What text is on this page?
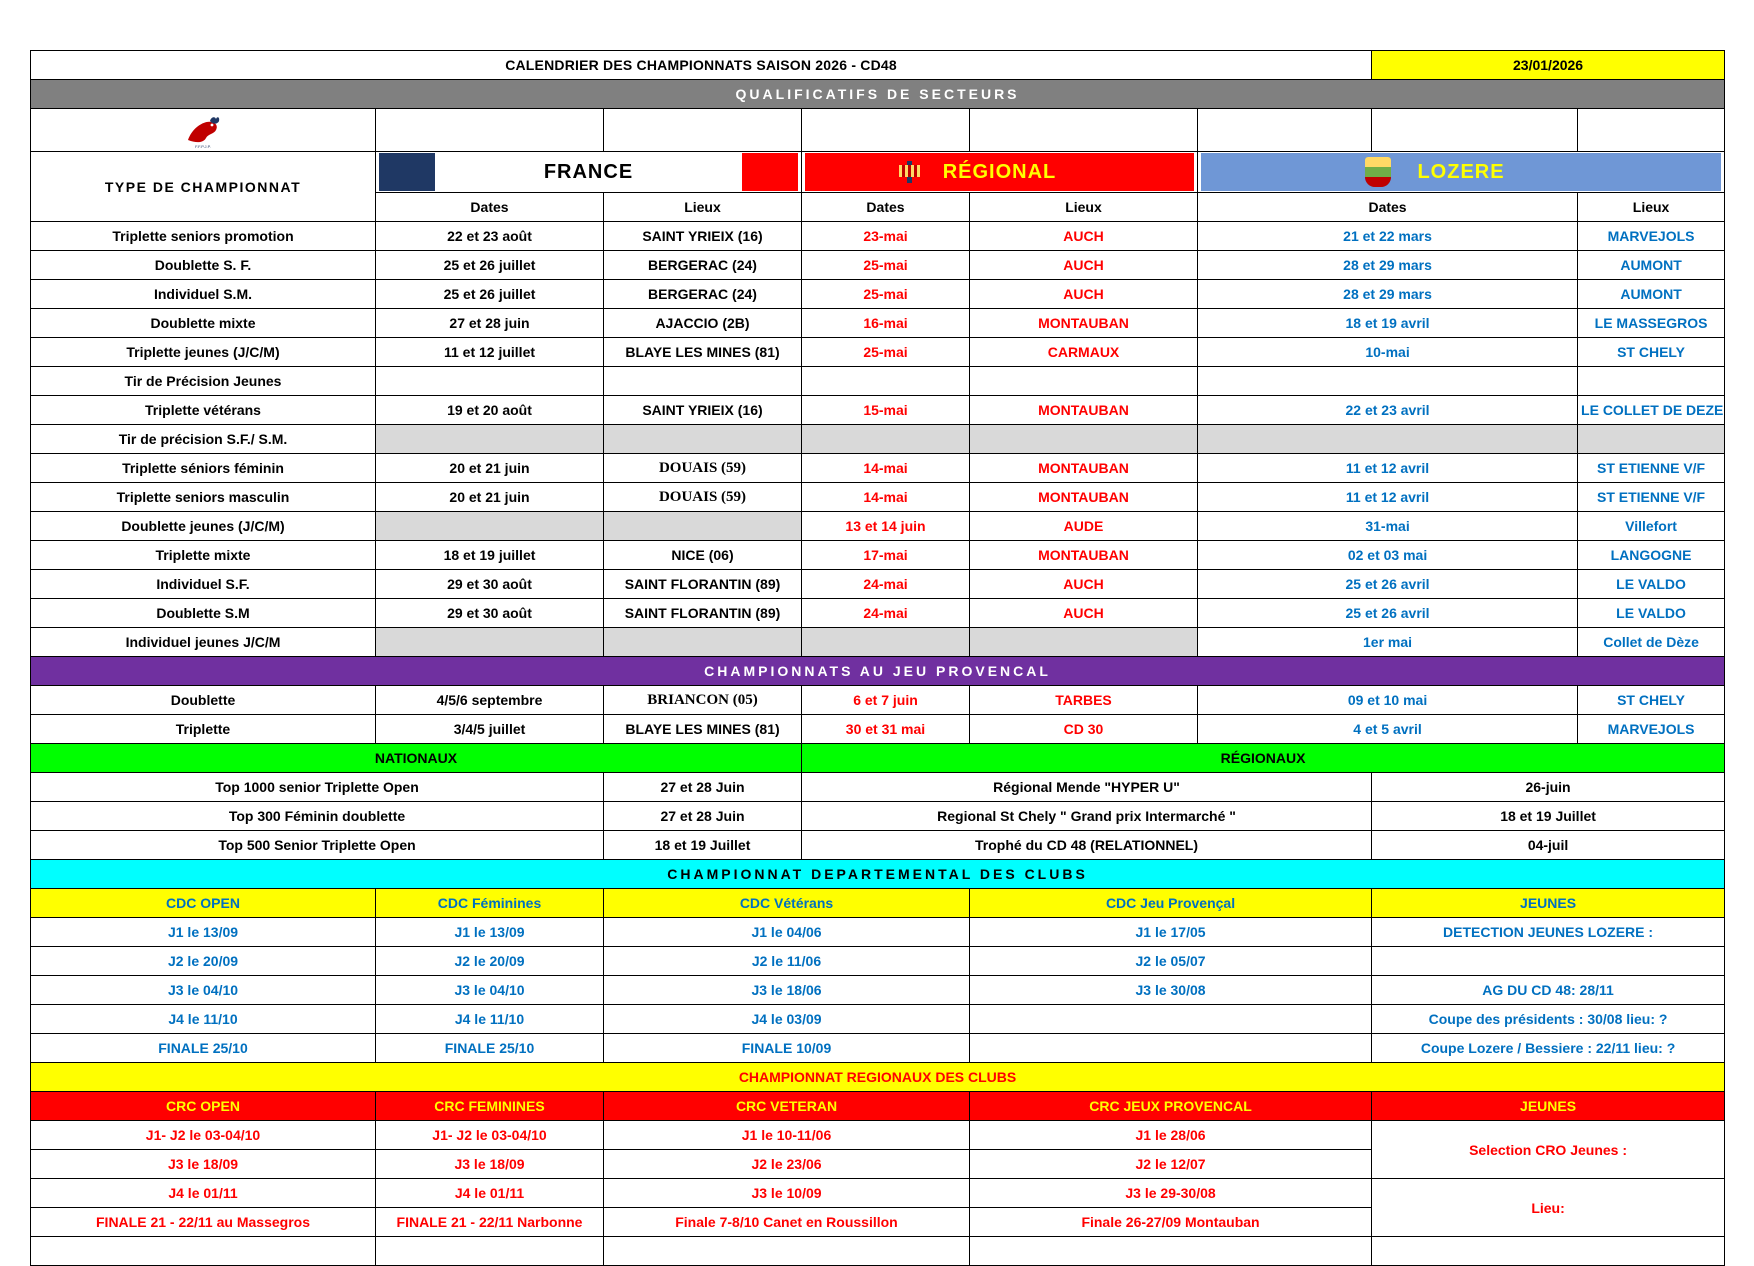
CALENDRIER DES CHAMPIONNATS SAISON 2026 - CD48						23/01/2026	
QUALIFICATIFS DE SECTEURS							

F.F.P.J.P.							

TYPE DE CHAMPIONNAT	FRANCE		RÉGIONAL		LOZERE		

	Dates	Lieux	Dates	Lieux	Dates		Lieux
Triplette seniors promotion	22 et 23 août	SAINT YRIEIX (16)	23-mai	AUCH	21 et 22 mars		MARVEJOLS
Doublette S. F.	25 et 26 juillet	BERGERAC (24)	25-mai	AUCH	28 et 29 mars		AUMONT
Individuel S.M.	25 et 26 juillet	BERGERAC (24)	25-mai	AUCH	28 et 29 mars		AUMONT
Doublette mixte	27 et 28 juin	AJACCIO (2B)	16-mai	MONTAUBAN	18 et 19 avril		LE MASSEGROS
Triplette jeunes (J/C/M)	11 et 12 juillet	BLAYE LES MINES (81)	25-mai	CARMAUX	10-mai		ST CHELY
Tir de Précision Jeunes							
Triplette vétérans	19 et 20 août	SAINT YRIEIX (16)	15-mai	MONTAUBAN	22 et 23 avril		LE COLLET DE DEZE
Tir de précision S.F./ S.M.							
Triplette séniors féminin	20 et 21 juin	DOUAIS (59)	14-mai	MONTAUBAN	11 et 12 avril		ST ETIENNE V/F
Triplette seniors masculin	20 et 21 juin	DOUAIS (59)	14-mai	MONTAUBAN	11 et 12 avril		ST ETIENNE V/F
Doublette jeunes (J/C/M)			13 et 14 juin	AUDE	31-mai		Villefort
Triplette mixte	18 et 19 juillet	NICE (06)	17-mai	MONTAUBAN	02 et 03 mai		LANGOGNE
Individuel S.F.	29 et 30 août	SAINT FLORANTIN (89)	24-mai	AUCH	25 et 26 avril		LE VALDO
Doublette S.M	29 et 30 août	SAINT FLORANTIN (89)	24-mai	AUCH	25 et 26 avril		LE VALDO
Individuel jeunes J/C/M					1er mai		Collet de Dèze
CHAMPIONNATS AU JEU PROVENCAL							
Doublette	4/5/6 septembre	BRIANCON (05)	6 et 7 juin	TARBES	09 et 10 mai		ST CHELY
Triplette	3/4/5 juillet	BLAYE LES MINES (81)	30 et 31 mai	CD 30	4 et 5 avril		MARVEJOLS
NATIONAUX			RÉGIONAUX				
Top 1000 senior Triplette Open		27 et 28 Juin	Régional Mende "HYPER U"			26-juin	
Top 300 Féminin doublette		27 et 28 Juin	Regional St Chely " Grand prix Intermarché "			18 et 19 Juillet	
Top 500 Senior Triplette Open		18 et 19 Juillet	Trophé du CD 48 (RELATIONNEL)			04-juil	
CHAMPIONNAT DEPARTEMENTAL DES CLUBS							
CDC OPEN	CDC Féminines	CDC Vétérans		CDC Jeu Provençal		JEUNES	
J1 le 13/09	J1 le 13/09	J1 le 04/06		J1 le 17/05		DETECTION JEUNES LOZERE :	
J2 le 20/09	J2 le 20/09	J2 le 11/06		J2 le 05/07			
J3 le 04/10	J3 le 04/10	J3 le 18/06		J3 le 30/08		AG DU CD 48: 28/11	
J4 le 11/10	J4 le 11/10	J4 le 03/09				Coupe des présidents : 30/08 lieu: ?	
FINALE 25/10	FINALE 25/10	FINALE 10/09				Coupe Lozere / Bessiere : 22/11 lieu: ?	
CHAMPIONNAT REGIONAUX DES CLUBS							
CRC OPEN	CRC FEMININES	CRC VETERAN		CRC JEUX PROVENCAL		JEUNES	
J1- J2 le 03-04/10	J1- J2 le 03-04/10	J1 le 10-11/06		J1 le 28/06		Selection CRO Jeunes :	
J3 le 18/09	J3 le 18/09	J2 le 23/06		J2 le 12/07			
J4 le 01/11	J4 le 01/11	J3 le 10/09		J3 le 29-30/08		Lieu:	
FINALE 21 - 22/11 au Massegros	FINALE 21 - 22/11 Narbonne	Finale 7-8/10 Canet en Roussillon		Finale 26-27/09 Montauban			
